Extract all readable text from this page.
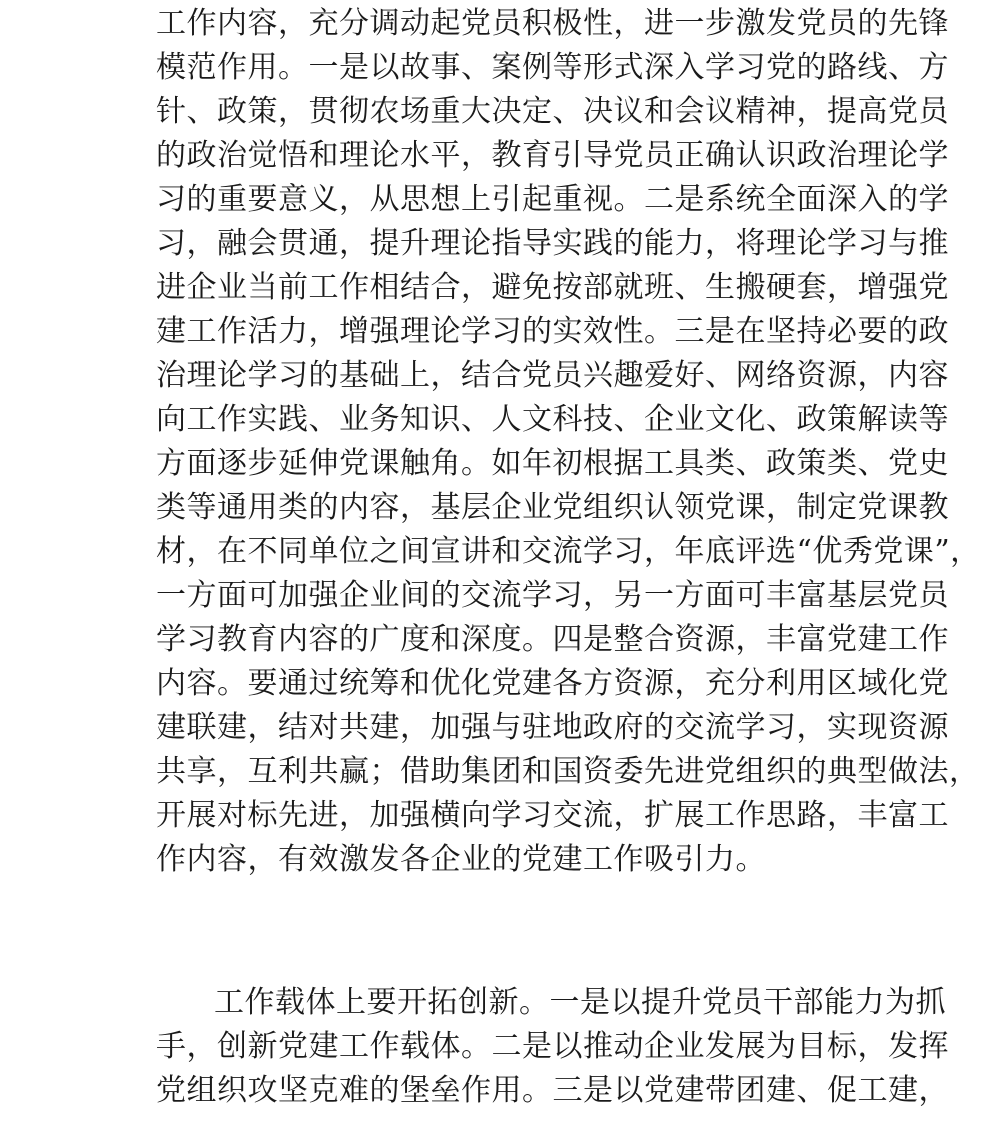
工作内容，充分调动起党员积极性，进一步激发党员的先锋
模范作用。一是以故事、案例等形式深入学习党的路线、方
针、政策，贯彻农场重大决定、决议和会议精神，提高党员
的政治觉悟和理论水平，教育引导党员正确认识政治理论学
习的重要意义，从思想上引起重视。二是系统全面深入的学
习，融会贯通，提升理论指导实践的能力，将理论学习与推
进企业当前工作相结合，避免按部就班、生搬硬套，增强党
建工作活力，增强理论学习的实效性。三是在坚持必要的政
治理论学习的基础上，结合党员兴趣爱好、网络资源，内容
向工作实践、业务知识、人文科技、企业文化、政策解读等
方面逐步延伸党课触角。如年初根据工具类、政策类、党史
类等通用类的内容，基层企业党组织认领党课，制定党课教
材，在不同单位之间宣讲和交流学习，年底评选“优秀党课”，
一方面可加强企业间的交流学习，另一方面可丰富基层党员
学习教育内容的广度和深度。四是整合资源，丰富党建工作
内容。要通过统筹和优化党建各方资源，充分利用区域化党
建联建，结对共建，加强与驻地政府的交流学习，实现资源
共享，互利共赢；借助集团和国资委先进党组织的典型做法，
开展对标先进，加强横向学习交流，扩展工作思路，丰富工
作内容，有效激发各企业的党建工作吸引力。
工作载体上要开拓创新。一是以提升党员干部能力为抓
手，创新党建工作载体。二是以推动企业发展为目标，发挥
党组织攻坚克难的堡垒作用。三是以党建带团建、促工建，
